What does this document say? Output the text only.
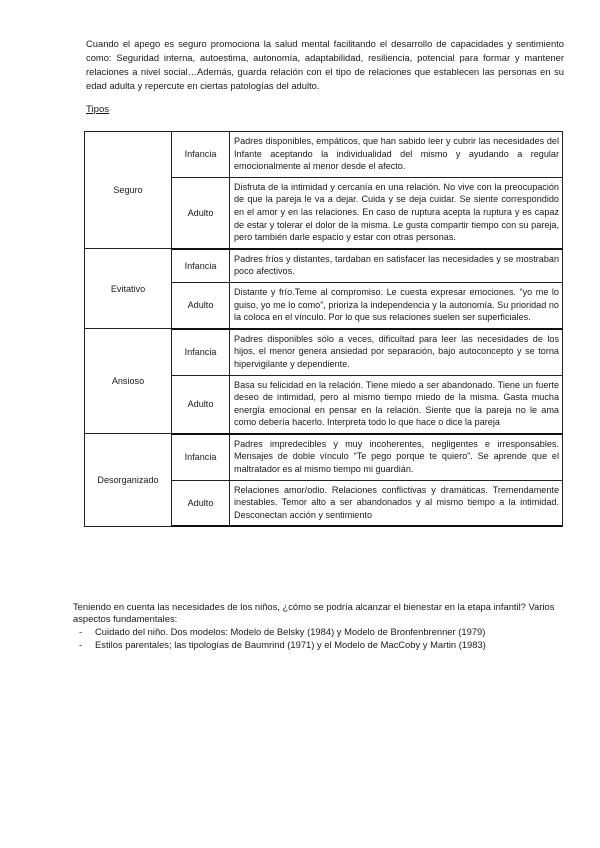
Cuando el apego es seguro promociona la salud mental facilitando el desarrollo de capacidades y sentimiento como: Seguridad interna, autoestima, autonomía, adaptabilidad, resiliencia, potencial para formar y mantener relaciones a nivel social…Además, guarda relación con el tipo de relaciones que establecen las personas en su edad adulta y repercute en ciertas patologías del adulto.

Tipos

Seguro	Infancia	Padres disponibles, empáticos, que han sabido leer y cubrir las necesidades del Infante aceptando la individualidad del mismo y ayudando a regular emocionalmente al menor desde el afecto.
	Adulto	Disfruta de la intimidad y cercanía en una relación. No vive con la preocupación de que la pareja le va a dejar. Cuida y se deja cuidar. Se siente correspondido en el amor y en las relaciones. En caso de ruptura acepta la ruptura y es capaz de estar y tolerar el dolor de la misma. Le gusta compartir tiempo con su pareja, pero también darle espacio y estar con otras personas.
Evitativo	Infancia	Padres fríos y distantes, tardaban en satisfacer las necesidades y se mostraban poco afectivos.
	Adulto	Distante y frío.Teme al compromiso. Le cuesta expresar emociones. “yo me lo guiso, yo me lo como”, prioriza la independencia y la autonomía. Su prioridad no la coloca en el vínculo. Por lo que sus relaciones suelen ser superficiales.
Ansioso	Infancia	Padres disponibles sólo a veces, dificultad para leer las necesidades de los hijos, el menor genera ansiedad por separación, bajo autoconcepto y se torna hipervigilante y dependiente.
	Adulto	Basa su felicidad en la relación. Tiene miedo a ser abandonado. Tiene un fuerte deseo de intimidad, pero al mismo tiempo miedo de la misma. Gasta mucha energía emocional en pensar en la relación. Siente que la pareja no le ama como debería hacerlo. Interpreta todo lo que hace o dice la pareja
Desorganizado	Infancia	Padres impredecibles y muy incoherentes, negligentes e irresponsables. Mensajes de doble vínculo “Te pego porque te quiero”. Se aprende que el maltratador es al mismo tiempo mi guardián.
	Adulto	Relaciones amor/odio. Relaciones conflictivas y dramáticas. Tremendamente inestables. Temor alto a ser abandonados y al mismo tiempo a la intimidad. Desconectan acción y sentimiento

Teniendo en cuenta las necesidades de los niños, ¿cómo se podría alcanzar el bienestar en la etapa infantil? Varios aspectos fundamentales:

- Cuidado del niño. Dos modelos: Modelo de Belsky (1984) y Modelo de Bronfenbrenner (1979)
- Estilos parentales; las tipologías de Baumrind (1971) y el Modelo de MacCoby y Martin (1983)
